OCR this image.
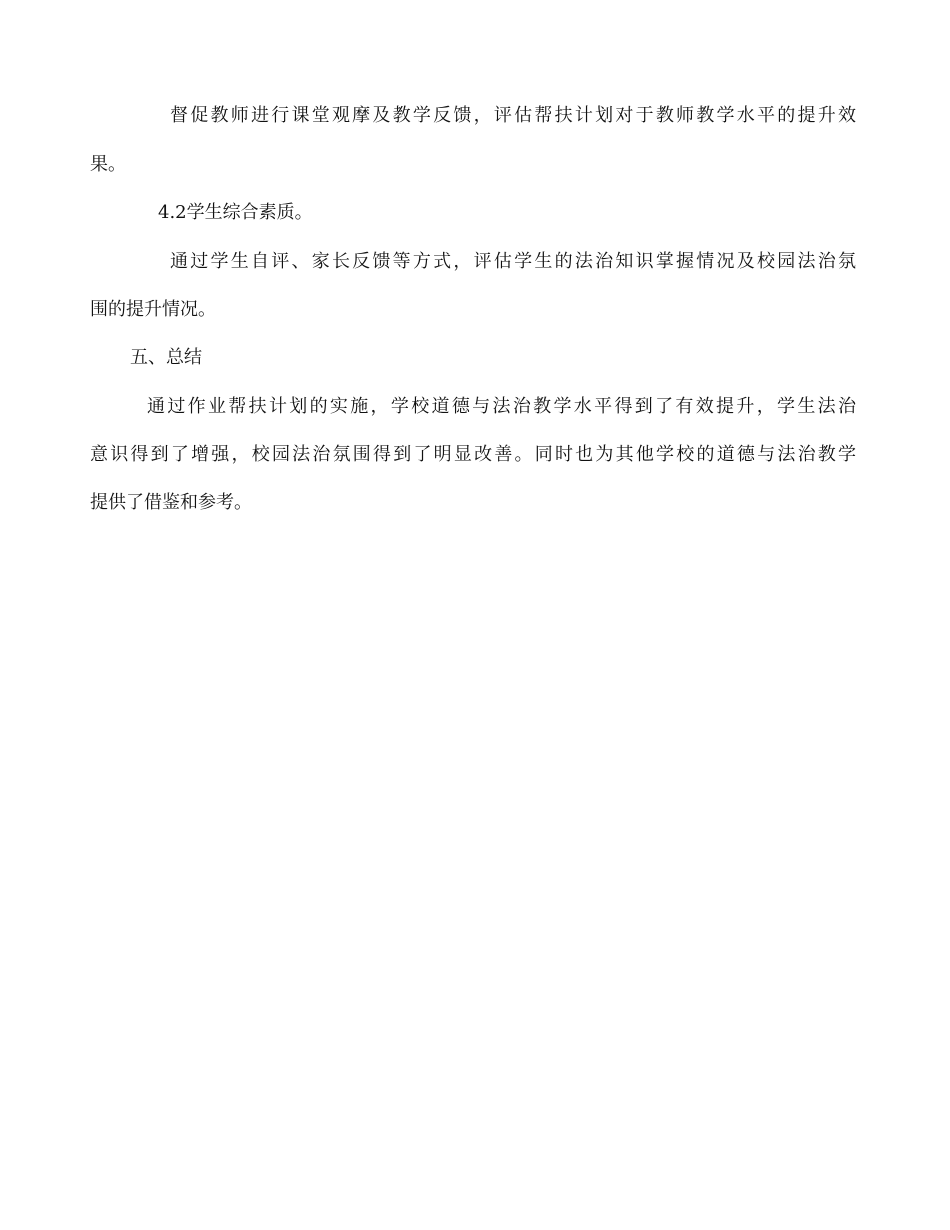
督促教师进行课堂观摩及教学反馈，评估帮扶计划对于教师教学水平的提升效
果。
4.2学生综合素质。
通过学生自评、家长反馈等方式，评估学生的法治知识掌握情况及校园法治氛
围的提升情况。
五、总结
通过作业帮扶计划的实施，学校道德与法治教学水平得到了有效提升，学生法治
意识得到了增强，校园法治氛围得到了明显改善。同时也为其他学校的道德与法治教学
提供了借鉴和参考。
